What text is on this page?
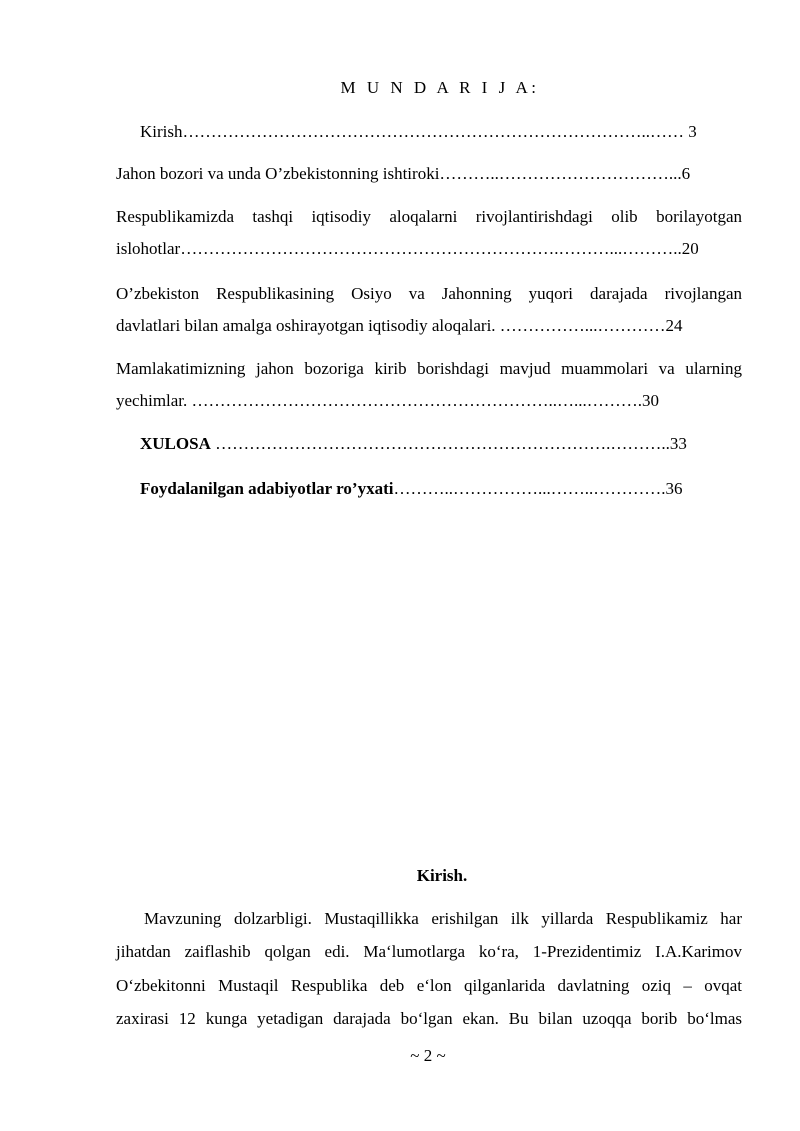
M U N D A R I J A:
Kirish………………………………………………………………………..…… 3
Jahon bozori va unda O’zbekistonning ishtiroki………..…………………………...6
Respublikamizda tashqi iqtisodiy aloqalarni rivojlantirishdagi olib borilayotgan
islohotlar………………………………………………………….………...………..20
O’zbekiston Respublikasining Osiyo va Jahonning yuqori darajada rivojlangan
davlatlari bilan amalga oshirayotgan iqtisodiy aloqalari. ……………...…………24
Mamlakatimizning jahon bozoriga kirib borishdagi mavjud muammolari va ularning
yechimlar. ………………………………………………………..…...……….30
XULOSA …………………………………………………………….………..33
Foydalanilgan adabiyotlar ro’yxati………..……………...……..………….36
Kirish.
Mavzuning dolzarbligi. Mustaqillikka erishilgan ilk yillarda Respublikamiz har
jihatdan zaiflashib qolgan edi. Ma‘lumotlarga ko‘ra, 1-Prezidentimiz I.A.Karimov
O‘zbekitonni Mustaqil Respublika deb e‘lon qilganlarida davlatning oziq – ovqat
zaxirasi 12 kunga yetadigan darajada bo‘lgan ekan. Bu bilan uzoqqa borib bo‘lmas
~ 2 ~
